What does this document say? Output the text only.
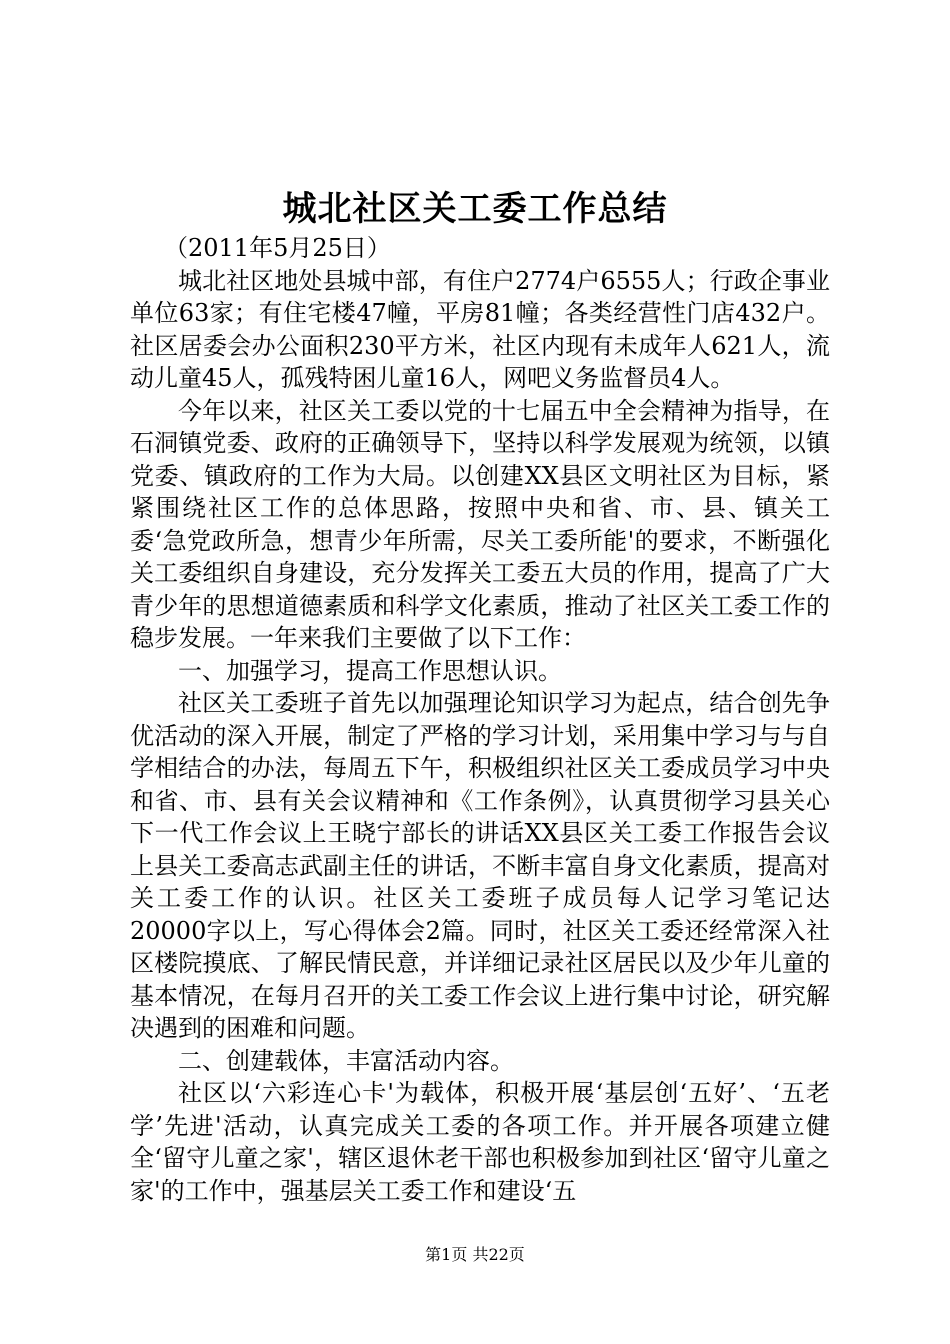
城北社区关工委工作总结

（2011年5月25日）

城北社区地处县城中部，有住户2774户6555人；行政企事业单位63家；有住宅楼47幢，平房81幢；各类经营性门店432户。社区居委会办公面积230平方米，社区内现有未成年人621人，流动儿童45人，孤残特困儿童16人，网吧义务监督员4人。

今年以来，社区关工委以党的十七届五中全会精神为指导，在石洞镇党委、政府的正确领导下，坚持以科学发展观为统领，以镇党委、镇政府的工作为大局。以创建XX县区文明社区为目标，紧紧围绕社区工作的总体思路，按照中央和省、市、县、镇关工委‘急党政所急，想青少年所需，尽关工委所能'的要求，不断强化关工委组织自身建设，充分发挥关工委五大员的作用，提高了广大青少年的思想道德素质和科学文化素质，推动了社区关工委工作的稳步发展。一年来我们主要做了以下工作：

一、加强学习，提高工作思想认识。

社区关工委班子首先以加强理论知识学习为起点，结合创先争优活动的深入开展，制定了严格的学习计划，采用集中学习与与自学相结合的办法，每周五下午，积极组织社区关工委成员学习中央和省、市、县有关会议精神和《工作条例》，认真贯彻学习县关心下一代工作会议上王晓宁部长的讲话XX县区关工委工作报告会议上县关工委高志武副主任的讲话，不断丰富自身文化素质，提高对关工委工作的认识。社区关工委班子成员每人记学习笔记达20000字以上，写心得体会2篇。同时，社区关工委还经常深入社区楼院摸底、了解民情民意，并详细记录社区居民以及少年儿童的基本情况，在每月召开的关工委工作会议上进行集中讨论，研究解决遇到的困难和问题。

二、创建载体，丰富活动内容。

社区以‘六彩连心卡'为载体，积极开展‘基层创‘五好’、‘五老学’先进'活动，认真完成关工委的各项工作。并开展各项建立健全‘留守儿童之家'，辖区退休老干部也积极参加到社区‘留守儿童之家'的工作中，强基层关工委工作和建设‘五

第1页 共22页
